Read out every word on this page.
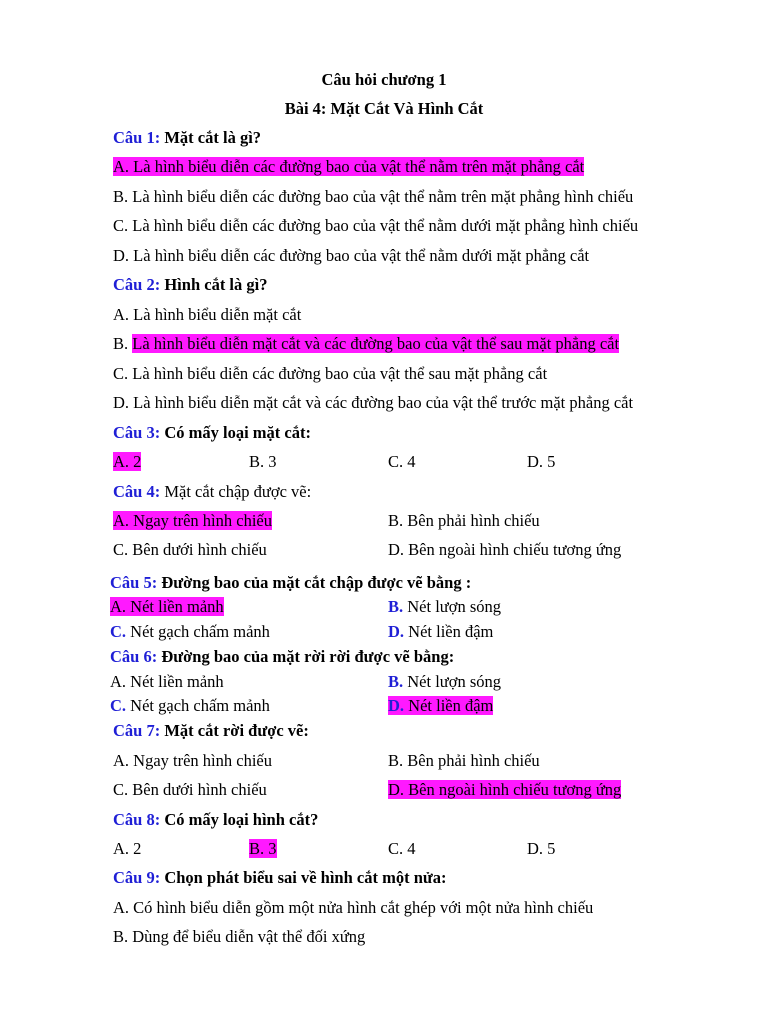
Câu hỏi chương 1
Bài 4: Mặt Cắt Và Hình Cắt
Câu 1: Mặt cắt là gì?
A. Là hình biểu diễn các đường bao của vật thể nằm trên mặt phẳng cắt
B. Là hình biểu diễn các đường bao của vật thể nằm trên mặt phẳng hình chiếu
C. Là hình biểu diễn các đường bao của vật thể nằm dưới mặt phẳng hình chiếu
D. Là hình biểu diễn các đường bao của vật thể nằm dưới mặt phẳng cắt
Câu 2: Hình cắt là gì?
A. Là hình biểu diễn mặt cắt
B. Là hình biểu diễn mặt cắt và các đường bao của vật thể sau mặt phẳng cắt
C. Là hình biểu diễn các đường bao của vật thể sau mặt phẳng cắt
D. Là hình biểu diễn mặt cắt và các đường bao của vật thể trước mặt phẳng cắt
Câu 3: Có mấy loại mặt cắt:
A. 2	B. 3	C. 4	D. 5
Câu 4: Mặt cắt chập được vẽ:
A. Ngay trên hình chiếu	B. Bên phải hình chiếu
C. Bên dưới hình chiếu	D. Bên ngoài hình chiếu tương ứng
Câu 5: Đường bao của mặt cắt chập được vẽ bằng :
A. Nét liền mảnh	B. Nét lượn sóng
C. Nét gạch chấm mảnh	D. Nét liền đậm
Câu 6: Đường bao của mặt rời rời được vẽ bằng:
A. Nét liền mảnh	B. Nét lượn sóng
C. Nét gạch chấm mảnh	D. Nét liền đậm
Câu 7: Mặt cắt rời được vẽ:
A. Ngay trên hình chiếu	B. Bên phải hình chiếu
C. Bên dưới hình chiếu	D. Bên ngoài hình chiếu tương ứng
Câu 8: Có mấy loại hình cắt?
A. 2	B. 3	C. 4	D. 5
Câu 9: Chọn phát biểu sai về hình cắt một nửa:
A. Có hình biểu diễn gồm một nửa hình cắt ghép với một nửa hình chiếu
B. Dùng để biểu diễn vật thể đối xứng
